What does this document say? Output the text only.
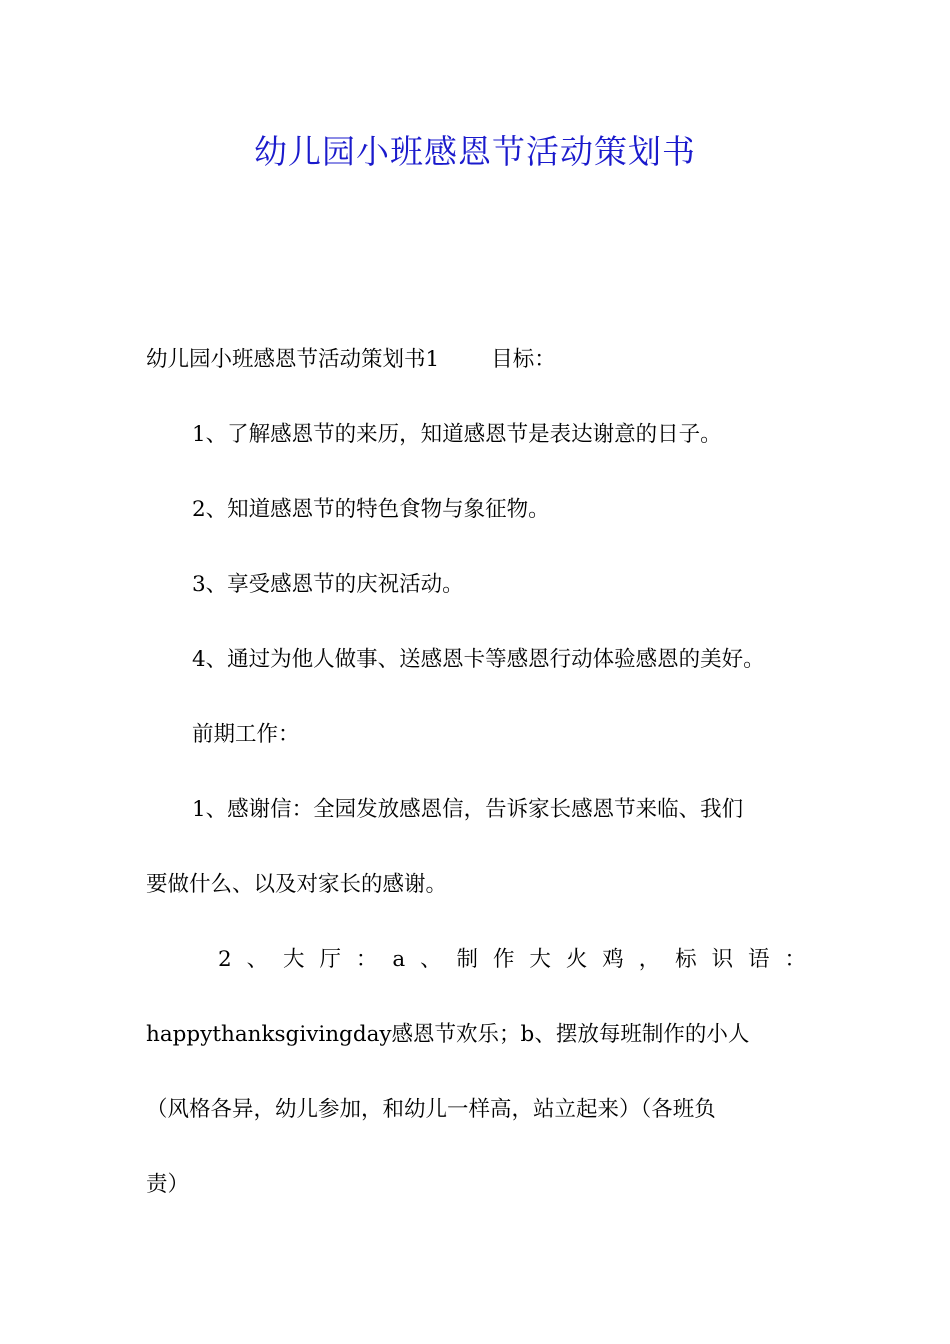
幼儿园小班感恩节活动策划书
幼儿园小班感恩节活动策划书1 目标：
1、了解感恩节的来历，知道感恩节是表达谢意的日子。
2、知道感恩节的特色食物与象征物。
3、享受感恩节的庆祝活动。
4、通过为他人做事、送感恩卡等感恩行动体验感恩的美好。
前期工作：
1、感谢信：全园发放感恩信，告诉家长感恩节来临、我们
要做什么、以及对家长的感谢。
2 、 大 厅 ： a 、 制 作 大 火 鸡 ， 标 识 语 ：
happythanksgivingday感恩节欢乐；b、摆放每班制作的小人
（风格各异，幼儿参加，和幼儿一样高，站立起来）（各班负
责）
